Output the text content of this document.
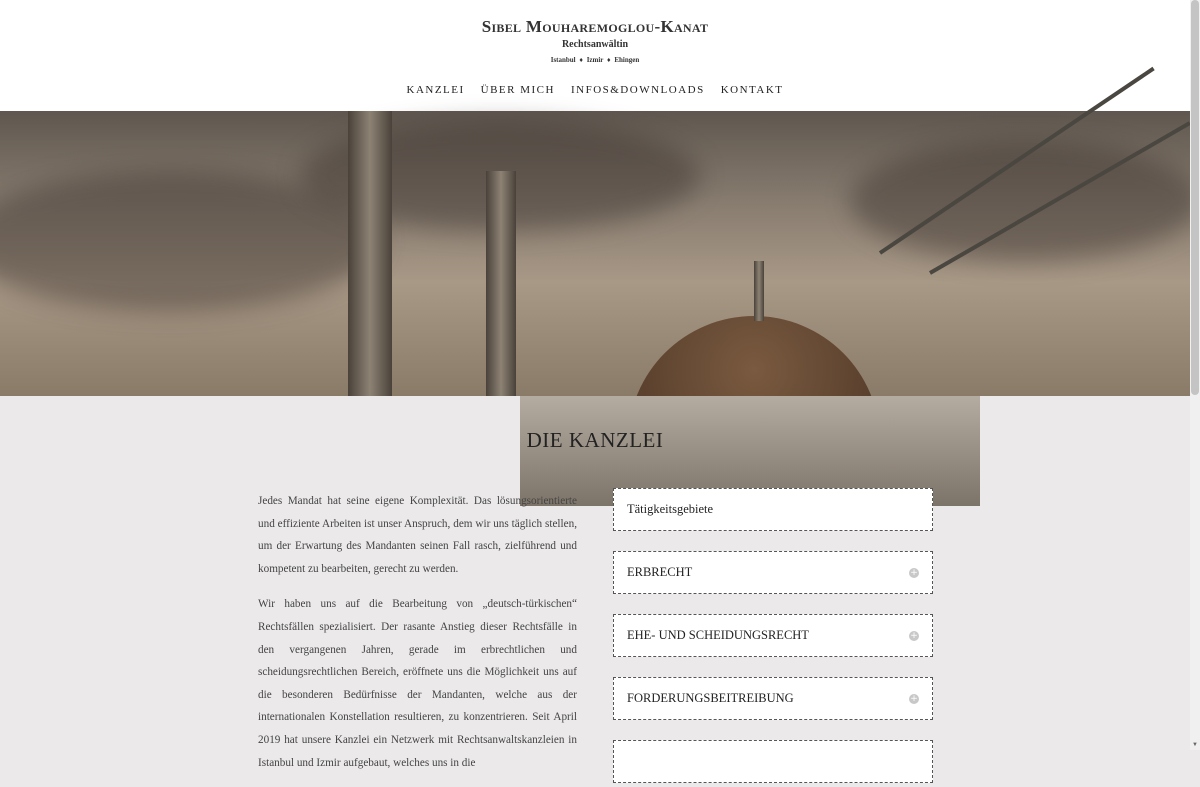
Sibel Mouharemoglou-Kanat
Rechtsanwältin
Istanbul ♦ Izmir ♦ Ehingen
KANZLEI ÜBER MICH INFOS&DOWNLOADS KONTAKT
DIE KANZLEI

Jedes Mandat hat seine eigene Komplexität. Das lösungsorientierte und effiziente Arbeiten ist unser Anspruch, dem wir uns täglich stellen, um der Erwartung des Mandanten seinen Fall rasch, zielführend und kompetent zu bearbeiten, gerecht zu werden.

Wir haben uns auf die Bearbeitung von „deutsch-türkischen“ Rechtsfällen spezialisiert. Der rasante Anstieg dieser Rechtsfälle in den vergangenen Jahren, gerade im erbrechtlichen und scheidungsrechtlichen Bereich, eröffnete uns die Möglichkeit uns auf die besonderen Bedürfnisse der Mandanten, welche aus der internationalen Konstellation resultieren, zu konzentrieren. Seit April 2019 hat unsere Kanzlei ein Netzwerk mit Rechtsanwaltskanzleien in Istanbul und Izmir aufgebaut, welches uns in die

Tätigkeitsgebiete
ERBRECHT	+
EHE- UND SCHEIDUNGSRECHT	+
FORDERUNGSBEITREIBUNG	+
▼
